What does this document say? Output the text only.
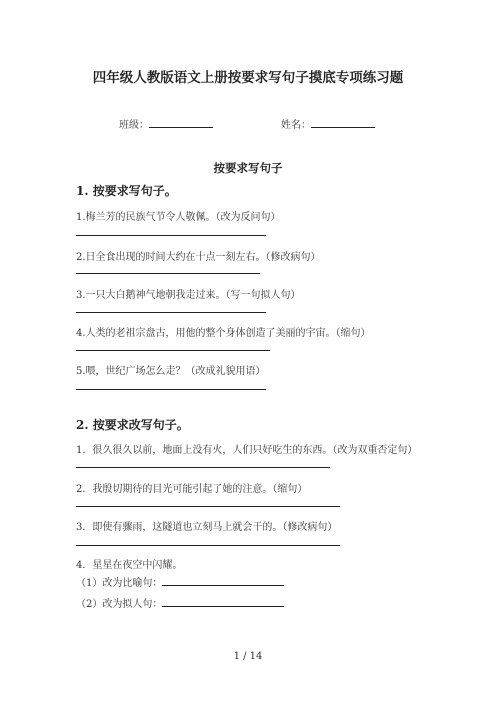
四年级人教版语文上册按要求写句子摸底专项练习题
班级：	姓名：
按要求写句子
1. 按要求写句子。
1.梅兰芳的民族气节令人敬佩。（改为反问句）
2.日全食出现的时间大约在十点一刻左右。（修改病句）
3.一只大白鹅神气地朝我走过来。（写一句拟人句）
4.人类的老祖宗盘古，用他的整个身体创造了美丽的宇宙。（缩句）
5.喂，世纪广场怎么走？（改成礼貌用语）
2. 按要求改写句子。
1．很久很久以前，地面上没有火，人们只好吃生的东西。（改为双重否定句）
2．我殷切期待的目光可能引起了她的注意。（缩句）
3．即使有骤雨，这隧道也立刻马上就会干的。（修改病句）
4．星星在夜空中闪耀。
（1）改为比喻句：
（2）改为拟人句：
1 / 14
